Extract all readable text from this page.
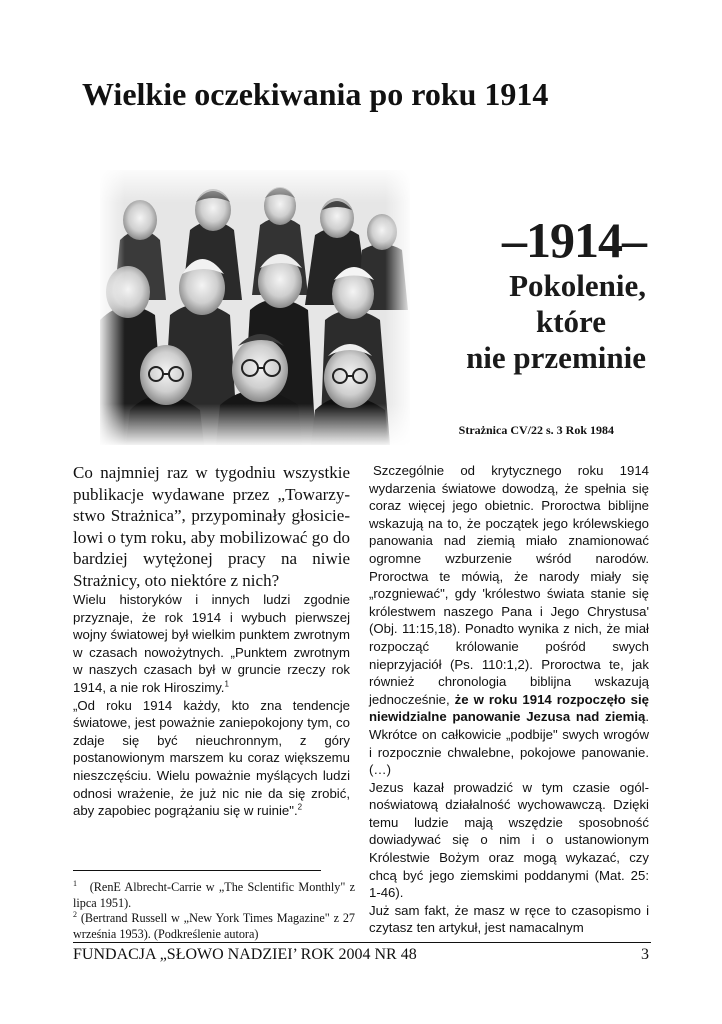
Wielkie oczekiwania po roku 1914
–1914–
Pokolenie,
które
nie przeminie
Strażnica CV/22 s. 3 Rok 1984

Co najmniej raz w tygodniu wszystkie publikacje wydawane przez „Towarzystwo Strażnica”, przypominały głosicielowi o tym roku, aby mobilizować go do bardziej wytężonej pracy na niwie Strażnicy, oto niektóre z nich?

Wielu historyków i innych ludzi zgodnie przyznaje, że rok 1914 i wybuch pierwszej wojny światowej był wielkim punktem zwrotnym w czasach nowożytnych. „Punktem zwrotnym w naszych czasach był w gruncie rzeczy rok 1914, a nie rok Hiroszimy.$^1$

„Od roku 1914 każdy, kto zna tendencje światowe, jest poważnie zaniepokojony tym, co zdaje się być nieuchronnym, z góry postanowionym marszem ku coraz większemu nieszczęściu. Wielu poważnie myślących ludzi odnosi wrażenie, że już nic nie da się zrobić, aby zapobiec pogrążaniu się w ruinie".$^2$

Szczególnie od krytycznego roku 1914 wydarzenia światowe dowodzą, że spełnia się coraz więcej jego obietnic. Proroctwa biblijne wskazują na to, że początek jego królewskiego panowania nad ziemią miało znamionować ogromne wzburzenie wśród narodów. Proroctwa te mówią, że narody miały się „rozgniewać", gdy 'królestwo świata stanie się królestwem naszego Pana i Jego Chrystusa' (Obj. 11:15,18). Ponadto wynika z nich, że miał rozpocząć królowanie pośród swych nieprzyjaciół (Ps. 110:1,2). Proroctwa te, jak również chronologia biblijna wskazują jednocześnie, że w roku 1914 rozpoczęło się niewidzialne panowanie Jezusa nad ziemią. Wkrótce on całkowicie „podbije" swych wrogów i rozpocznie chwalebne, pokojowe panowanie. (…)

Jezus kazał prowadzić w tym czasie ogólnoświatową działalność wychowawczą. Dzięki temu ludzie mają wszędzie sposobność dowiadywać się o nim i o ustanowionym Królestwie Bożym oraz mogą wykazać, czy chcą być jego ziemskimi poddanymi (Mat. 25: 1-46).

Już sam fakt, że masz w ręce to czasopismo i czytasz ten artykuł, jest namacalnym

$^1$ (RenE Albrecht-Carrie w „The Sclentific Monthly" z lipca 1951).

$^2$ (Bertrand Russell w „New York Times Magazine" z 27 września 1953). (Podkreślenie autora)

FUNDACJA „SŁOWO NADZIEI’ ROK 2004 NR 48	3
